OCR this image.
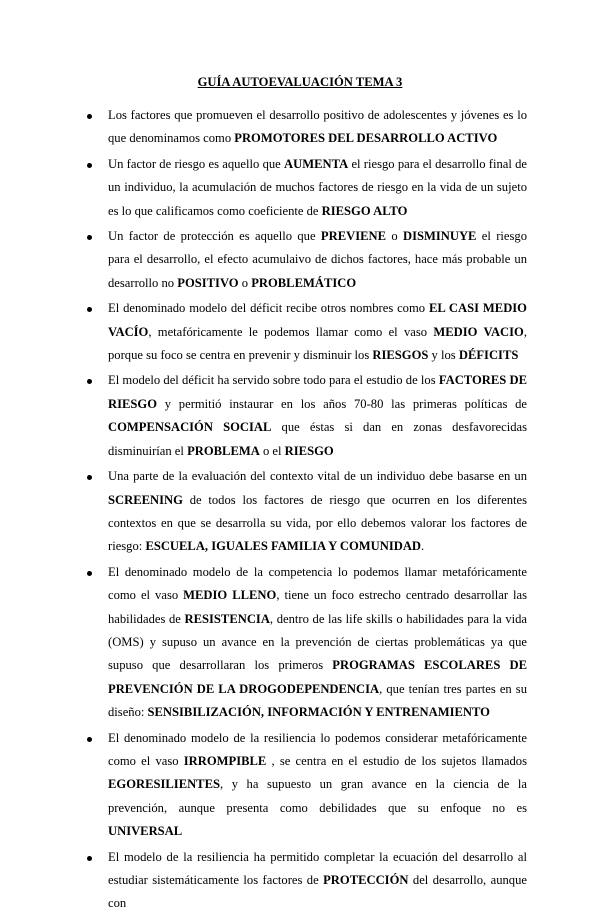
GUÍA AUTOEVALUACIÓN TEMA 3
Los factores que promueven el desarrollo positivo de adolescentes y jóvenes es lo que denominamos como PROMOTORES DEL DESARROLLO ACTIVO
Un factor de riesgo es aquello que AUMENTA el riesgo para el desarrollo final de un individuo, la acumulación de muchos factores de riesgo en la vida de un sujeto es lo que calificamos como coeficiente de RIESGO ALTO
Un factor de protección es aquello que PREVIENE o DISMINUYE el riesgo para el desarrollo, el efecto acumulaivo de dichos factores, hace más probable un desarrollo no POSITIVO o PROBLEMÁTICO
El denominado modelo del déficit recibe otros nombres como EL CASI MEDIO VACÍO, metafóricamente le podemos llamar como el vaso MEDIO VACIO, porque su foco se centra en prevenir y disminuir los RIESGOS y los DÉFICITS
El modelo del déficit ha servido sobre todo para el estudio de los FACTORES DE RIESGO y permitió instaurar en los años 70-80 las primeras políticas de COMPENSACIÓN SOCIAL que éstas si dan en zonas desfavorecidas disminuirían el PROBLEMA o el RIESGO
Una parte de la evaluación del contexto vital de un individuo debe basarse en un SCREENING de todos los factores de riesgo que ocurren en los diferentes contextos en que se desarrolla su vida, por ello debemos valorar los factores de riesgo: ESCUELA, IGUALES FAMILIA Y COMUNIDAD.
El denominado modelo de la competencia lo podemos llamar metafóricamente como el vaso MEDIO LLENO, tiene un foco estrecho centrado desarrollar las habilidades de RESISTENCIA, dentro de las life skills o habilidades para la vida (OMS) y supuso un avance en la prevención de ciertas problemáticas ya que supuso que desarrollaran los primeros PROGRAMAS ESCOLARES DE PREVENCIÓN DE LA DROGODEPENDENCIA, que tenían tres partes en su diseño: SENSIBILIZACIÓN, INFORMACIÓN Y ENTRENAMIENTO
El denominado modelo de la resiliencia lo podemos considerar metafóricamente como el vaso IRROMPIBLE , se centra en el estudio de los sujetos llamados EGORESILIENTES, y ha supuesto un gran avance en la ciencia de la prevención, aunque presenta como debilidades que su enfoque no es UNIVERSAL
El modelo de la resiliencia ha permitido completar la ecuación del desarrollo al estudiar sistemáticamente los factores de PROTECCIÓN del desarrollo, aunque con
